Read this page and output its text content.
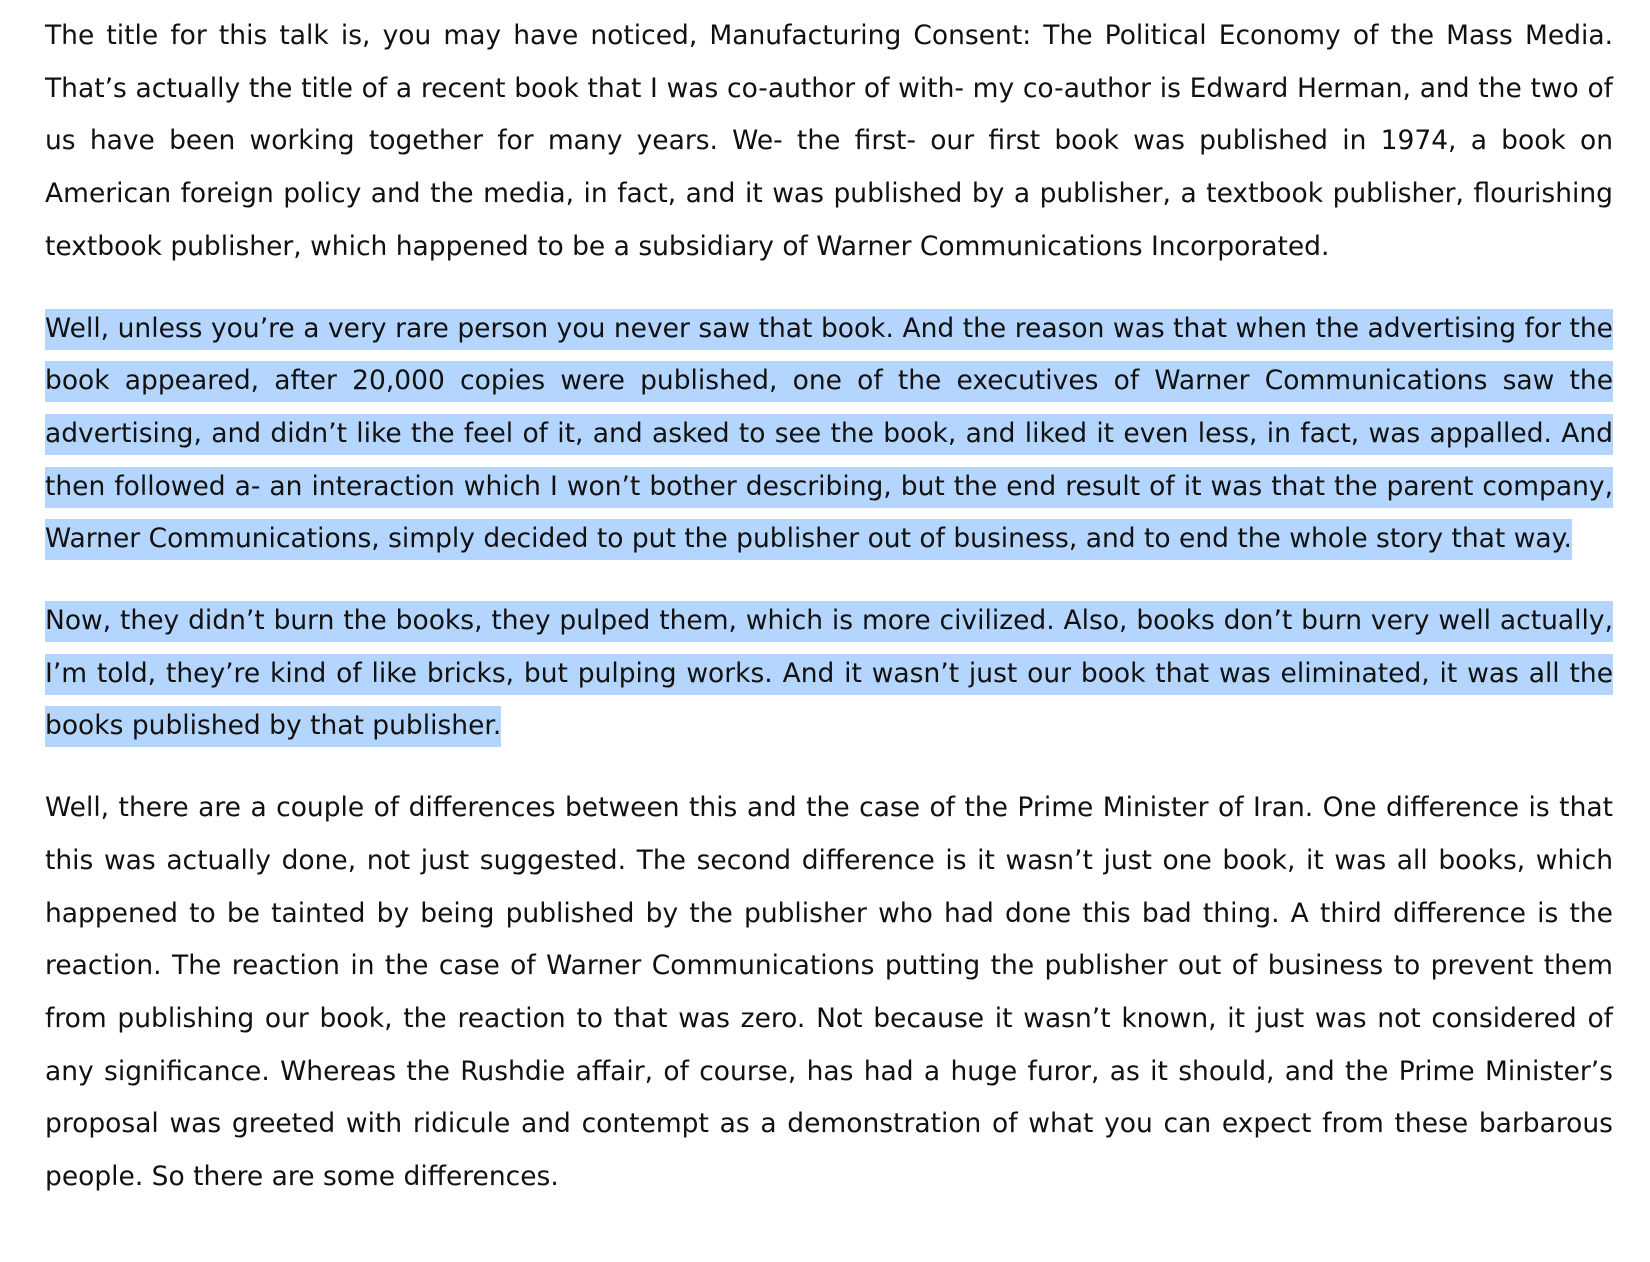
The title for this talk is, you may have noticed, Manufacturing Consent: The Political Economy of the Mass Media. That’s actually the title of a recent book that I was co-author of with- my co-author is Edward Herman, and the two of us have been working together for many years. We- the first- our first book was published in 1974, a book on American foreign policy and the media, in fact, and it was published by a publisher, a textbook publisher, flourishing textbook publisher, which happened to be a subsidiary of Warner Communications Incorporated.

Well, unless you’re a very rare person you never saw that book. And the reason was that when the advertising for the book appeared, after 20,000 copies were published, one of the executives of Warner Communications saw the advertising, and didn’t like the feel of it, and asked to see the book, and liked it even less, in fact, was appalled. And then followed a- an interaction which I won’t bother describing, but the end result of it was that the parent company, Warner Communications, simply decided to put the publisher out of business, and to end the whole story that way.

Now, they didn’t burn the books, they pulped them, which is more civilized. Also, books don’t burn very well actually, I’m told, they’re kind of like bricks, but pulping works. And it wasn’t just our book that was eliminated, it was all the books published by that publisher.

Well, there are a couple of differences between this and the case of the Prime Minister of Iran. One difference is that this was actually done, not just suggested. The second difference is it wasn’t just one book, it was all books, which happened to be tainted by being published by the publisher who had done this bad thing. A third difference is the reaction. The reaction in the case of Warner Communications putting the publisher out of business to prevent them from publishing our book, the reaction to that was zero. Not because it wasn’t known, it just was not considered of any significance. Whereas the Rushdie affair, of course, has had a huge furor, as it should, and the Prime Minister’s proposal was greeted with ridicule and contempt as a demonstration of what you can expect from these barbarous people. So there are some differences.
